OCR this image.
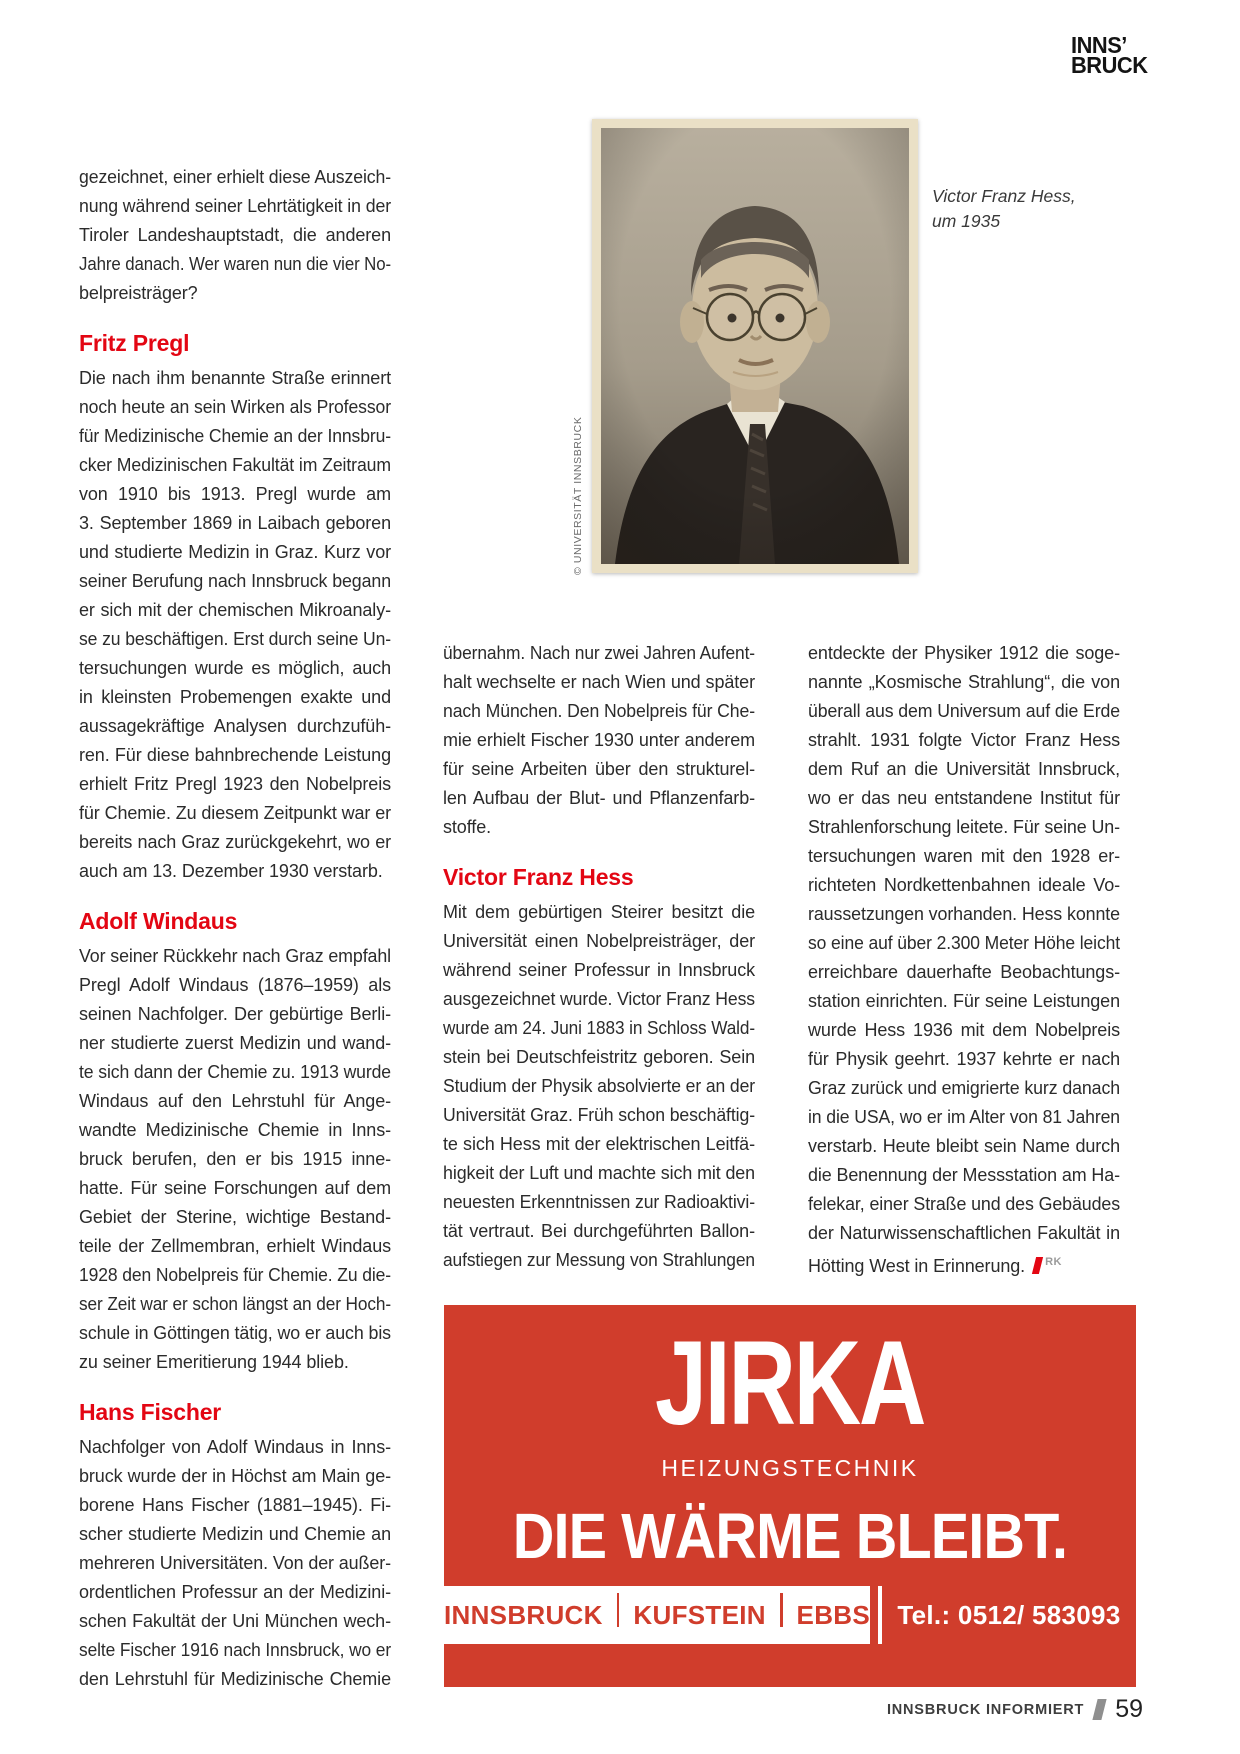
INNS’
BRUCK
© UNIVERSITÄT INNSBRUCK
Victor Franz Hess,
um 1935
gezeichnet, einer erhielt diese Auszeich-
nung während seiner Lehrtätigkeit in der
Tiroler Landeshauptstadt, die anderen
Jahre danach. Wer waren nun die vier No-
belpreisträger?
Fritz Pregl
Die nach ihm benannte Straße erinnert
noch heute an sein Wirken als Professor
für Medizinische Chemie an der Innsbru-
cker Medizinischen Fakultät im Zeitraum
von 1910 bis 1913. Pregl wurde am
3. September 1869 in Laibach geboren
und studierte Medizin in Graz. Kurz vor
seiner Berufung nach Innsbruck begann
er sich mit der chemischen Mikroanaly-
se zu beschäftigen. Erst durch seine Un-
tersuchungen wurde es möglich, auch
in kleinsten Probemengen exakte und
aussagekräftige Analysen durchzufüh-
ren. Für diese bahnbrechende Leistung
erhielt Fritz Pregl 1923 den Nobelpreis
für Chemie. Zu diesem Zeitpunkt war er
bereits nach Graz zurückgekehrt, wo er
auch am 13. Dezember 1930 verstarb.
Adolf Windaus
Vor seiner Rückkehr nach Graz empfahl
Pregl Adolf Windaus (1876–1959) als
seinen Nachfolger. Der gebürtige Berli-
ner studierte zuerst Medizin und wand-
te sich dann der Chemie zu. 1913 wurde
Windaus auf den Lehrstuhl für Ange-
wandte Medizinische Chemie in Inns-
bruck berufen, den er bis 1915 inne-
hatte. Für seine Forschungen auf dem
Gebiet der Sterine, wichtige Bestand-
teile der Zellmembran, erhielt Windaus
1928 den Nobelpreis für Chemie. Zu die-
ser Zeit war er schon längst an der Hoch-
schule in Göttingen tätig, wo er auch bis
zu seiner Emeritierung 1944 blieb.
Hans Fischer
Nachfolger von Adolf Windaus in Inns-
bruck wurde der in Höchst am Main ge-
borene Hans Fischer (1881–1945). Fi-
scher studierte Medizin und Chemie an
mehreren Universitäten. Von der außer-
ordentlichen Professur an der Medizini-
schen Fakultät der Uni München wech-
selte Fischer 1916 nach Innsbruck, wo er
den Lehrstuhl für Medizinische Chemie
übernahm. Nach nur zwei Jahren Aufent-
halt wechselte er nach Wien und später
nach München. Den Nobelpreis für Che-
mie erhielt Fischer 1930 unter anderem
für seine Arbeiten über den strukturel-
len Aufbau der Blut- und Pflanzenfarb-
stoffe.
Victor Franz Hess
Mit dem gebürtigen Steirer besitzt die
Universität einen Nobelpreisträger, der
während seiner Professur in Innsbruck
ausgezeichnet wurde. Victor Franz Hess
wurde am 24. Juni 1883 in Schloss Wald-
stein bei Deutschfeistritz geboren. Sein
Studium der Physik absolvierte er an der
Universität Graz. Früh schon beschäftig-
te sich Hess mit der elektrischen Leitfä-
higkeit der Luft und machte sich mit den
neuesten Erkenntnissen zur Radioaktivi-
tät vertraut. Bei durchgeführten Ballon-
aufstiegen zur Messung von Strahlungen
entdeckte der Physiker 1912 die soge-
nannte „Kosmische Strahlung“, die von
überall aus dem Universum auf die Erde
strahlt. 1931 folgte Victor Franz Hess
dem Ruf an die Universität Innsbruck,
wo er das neu entstandene Institut für
Strahlenforschung leitete. Für seine Un-
tersuchungen waren mit den 1928 er-
richteten Nordkettenbahnen ideale Vo-
raussetzungen vorhanden. Hess konnte
so eine auf über 2.300 Meter Höhe leicht
erreichbare dauerhafte Beobachtungs-
station einrichten. Für seine Leistungen
wurde Hess 1936 mit dem Nobelpreis
für Physik geehrt. 1937 kehrte er nach
Graz zurück und emigrierte kurz danach
in die USA, wo er im Alter von 81 Jahren
verstarb. Heute bleibt sein Name durch
die Benennung der Messstation am Ha-
felekar, einer Straße und des Gebäudes
der Naturwissenschaftlichen Fakultät in
Hötting West in Erinnerung. $^{RK}$
JIRKA
HEIZUNGSTECHNIK
DIE WÄRME BLEIBT.
INNSBRUCK KUFSTEIN EBBS Tel.: 0512/ 583093
INNSBRUCK INFORMIERT 59
